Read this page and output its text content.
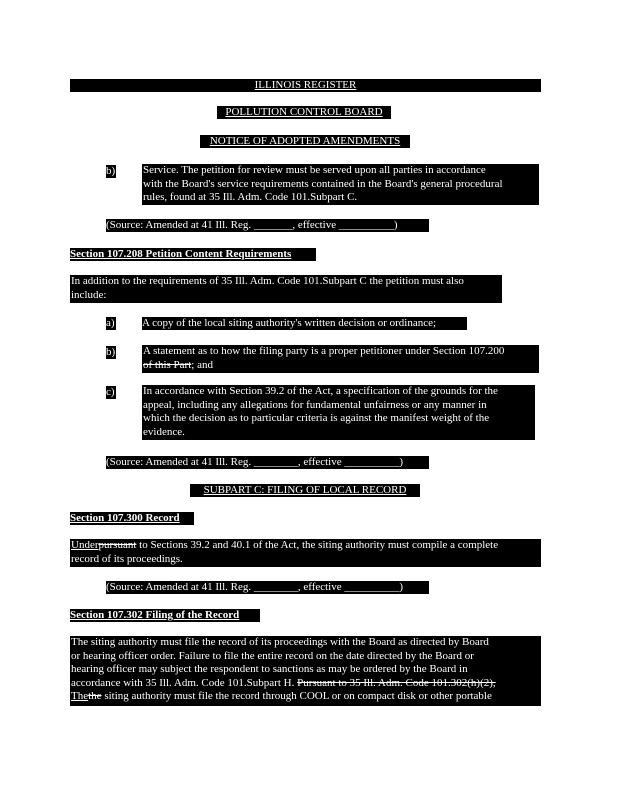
ILLINOIS REGISTER
POLLUTION CONTROL BOARD
NOTICE OF ADOPTED AMENDMENTS
b)	Service. The petition for review must be served upon all parties in accordance
with the Board's service requirements contained in the Board's general procedural
rules, found at 35 Ill. Adm. Code 101.Subpart C.
(Source: Amended at 41 Ill. Reg. _______, effective __________)
Section 107.208 Petition Content Requirements
In addition to the requirements of 35 Ill. Adm. Code 101.Subpart C the petition must also
include:
a) A copy of the local siting authority's written decision or ordinance;
b)	A statement as to how the filing party is a proper petitioner under Section 107.200
of this Part; and
c)	In accordance with Section 39.2 of the Act, a specification of the grounds for the
appeal, including any allegations for fundamental unfairness or any manner in
which the decision as to particular criteria is against the manifest weight of the
evidence.
(Source: Amended at 41 Ill. Reg. ________, effective __________)
SUBPART C: FILING OF LOCAL RECORD
Section 107.300 Record
Underpursuant to Sections 39.2 and 40.1 of the Act, the siting authority must compile a complete
record of its proceedings.
(Source: Amended at 41 Ill. Reg. ________, effective __________)
Section 107.302 Filing of the Record
The siting authority must file the record of its proceedings with the Board as directed by Board
or hearing officer order. Failure to file the entire record on the date directed by the Board or
hearing officer may subject the respondent to sanctions as may be ordered by the Board in
accordance with 35 Ill. Adm. Code 101.Subpart H. Pursuant to 35 Ill. Adm. Code 101.302(h)(2),
Thethe siting authority must file the record through COOL or on compact disk or other portable
